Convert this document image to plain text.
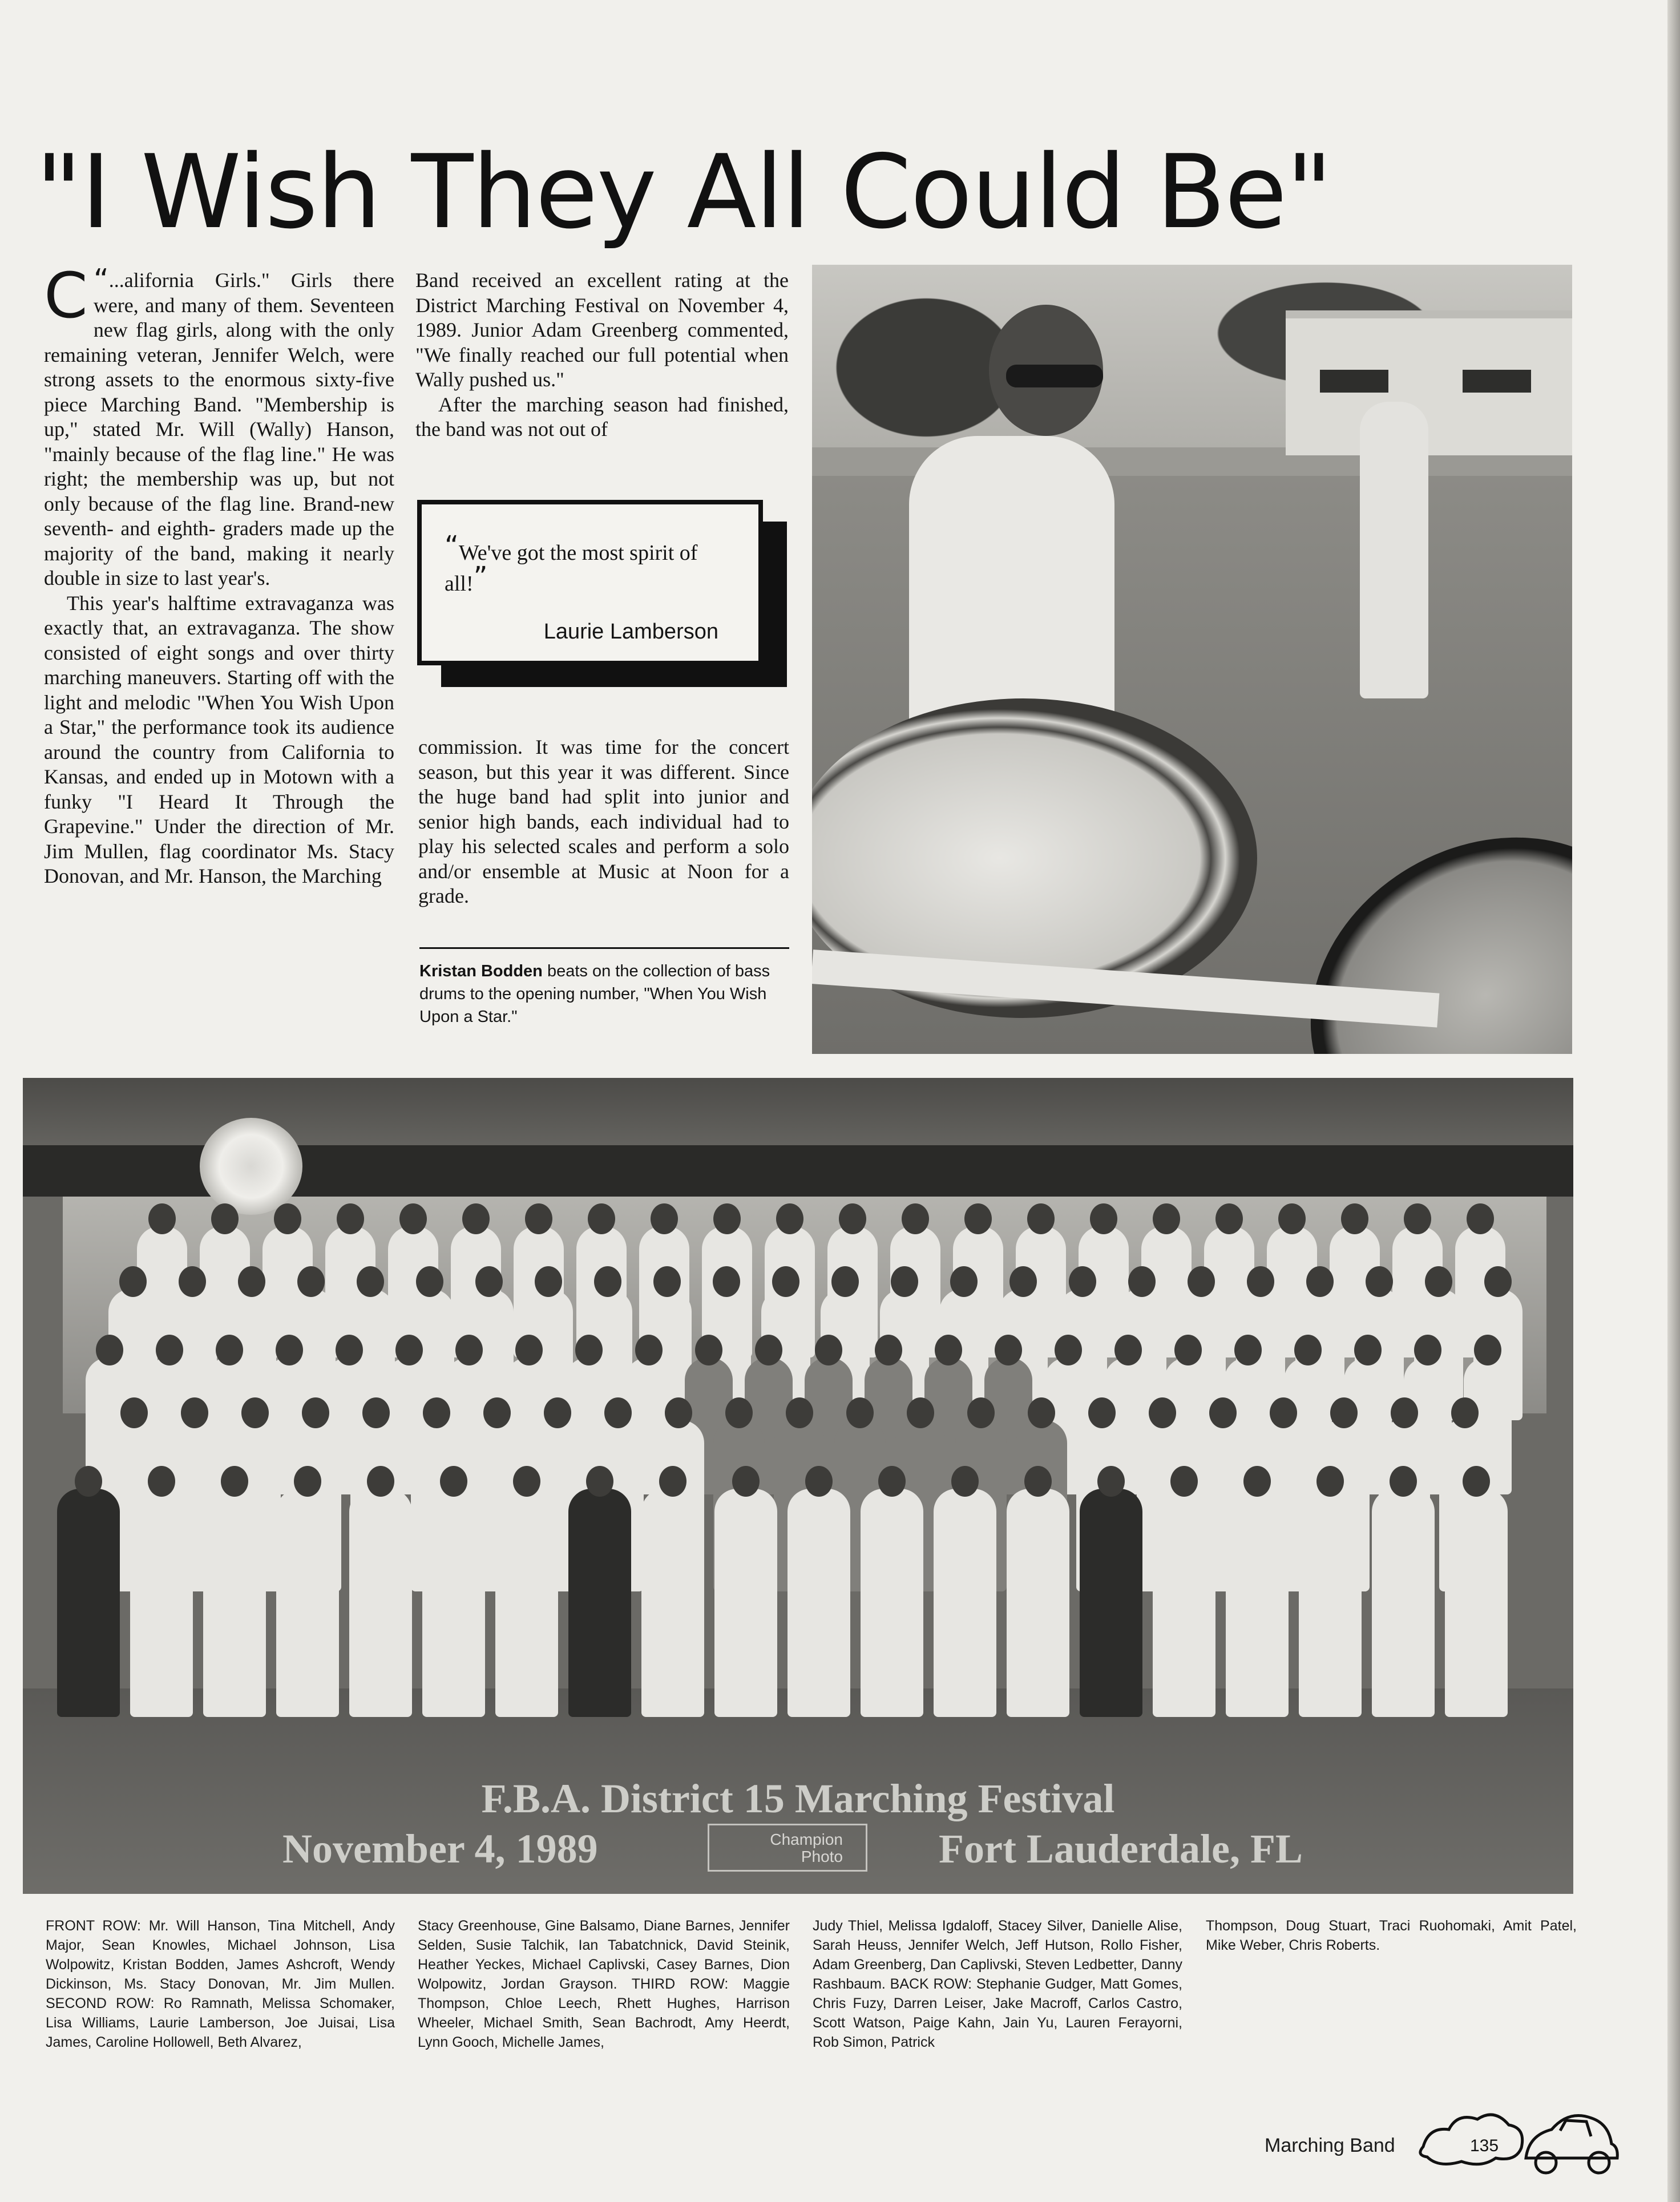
"I Wish They All Could Be"

“...
C alifornia Girls." Girls there were, and many of them. Seventeen new flag girls, along with the only remaining veteran, Jennifer Welch, were strong assets to the enormous sixty-five piece Marching Band. "Membership is up," stated Mr. Will (Wally) Hanson, "mainly because of the flag line." He was right; the membership was up, but not only because of the flag line. Brand-new seventh- and eighth- graders made up the majority of the band, making it nearly double in size to last year's.

This year's halftime extravaganza was exactly that, an extravaganza. The show consisted of eight songs and over thirty marching maneuvers. Starting off with the light and melodic "When You Wish Upon a Star," the performance took its audience around the country from California to Kansas, and ended up in Motown with a funky "I Heard It Through the Grapevine." Under the direction of Mr. Jim Mullen, flag coordinator Ms. Stacy Donovan, and Mr. Hanson, the Marching

Band received an excellent rating at the District Marching Festival on November 4, 1989. Junior Adam Greenberg commented, "We finally reached our full potential when Wally pushed us."

After the marching season had finished, the band was not out of

“We've got the most spirit of all!”
Laurie Lamberson

commission. It was time for the concert season, but this year it was different. Since the huge band had split into junior and senior high bands, each individual had to play his selected scales and perform a solo and/or ensemble at Music at Noon for a grade.

Kristan Bodden beats on the collection of bass drums to the opening number, "When You Wish Upon a Star."
F.B.A. District 15 Marching Festival
November 4, 1989	Champion
Photo Fort Lauderdale, FL
FRONT ROW: Mr. Will Hanson, Tina Mitchell, Andy Major, Sean Knowles, Michael Johnson, Lisa Wolpowitz, Kristan Bodden, James Ashcroft, Wendy Dickinson, Ms. Stacy Donovan, Mr. Jim Mullen. SECOND ROW: Ro Ramnath, Melissa Schomaker, Lisa Williams, Laurie Lamberson, Joe Juisai, Lisa James, Caroline Hollowell, Beth Alvarez,
Stacy Greenhouse, Gine Balsamo, Diane Barnes, Jennifer Selden, Susie Talchik, Ian Tabatchnick, David Steinik, Heather Yeckes, Michael Caplivski, Casey Barnes, Dion Wolpowitz, Jordan Grayson. THIRD ROW: Maggie Thompson, Chloe Leech, Rhett Hughes, Harrison Wheeler, Michael Smith, Sean Bachrodt, Amy Heerdt, Lynn Gooch, Michelle James,
Judy Thiel, Melissa Igdaloff, Stacey Silver, Danielle Alise, Sarah Heuss, Jennifer Welch, Jeff Hutson, Rollo Fisher, Adam Greenberg, Dan Caplivski, Steven Ledbetter, Danny Rashbaum. BACK ROW: Stephanie Gudger, Matt Gomes, Chris Fuzy, Darren Leiser, Jake Macroff, Carlos Castro, Scott Watson, Paige Kahn, Jain Yu, Lauren Ferayorni, Rob Simon, Patrick
Thompson, Doug Stuart, Traci Ruohomaki, Amit Patel, Mike Weber, Chris Roberts.
Marching Band	135
